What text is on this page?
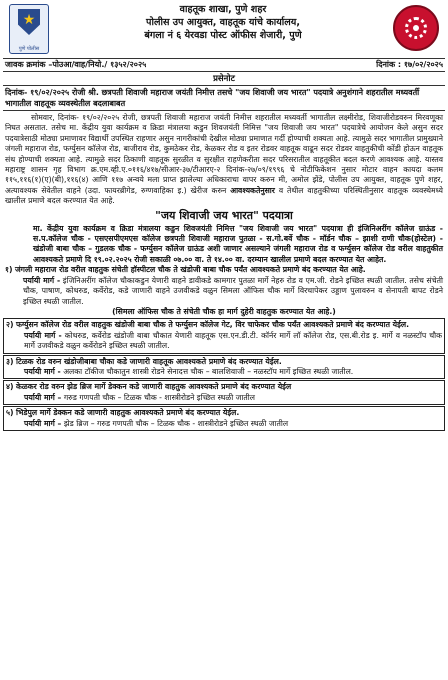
★
पुणे पोलीस
वाहतूक शाखा, पुणे शहर
पोलीस उप आयुक्त, वाहतूक यांचे कार्यालय,
बंगला नं ६ येरवडा पोस्ट ऑफीस शेजारी, पुणे
जावक क्रमांक –पोउआ/वाह/नियो./ १३५२/२०२५	दिनांक : १७/०२/२०२५
प्रसेनोट
दिनांक- १९/०२/२०२५ रोजी श्री. छत्रपती शिवाजी महाराज जयंती निमीत्त तसचे "जय शिवाजी जय भारत" पदयात्रे अनुशंगाने शहरातील मध्यवर्ती भागातील वाहतूक व्यवस्थेतील बदलाबाबत
सोमवार, दिनांक- १९/०२/२०२५ रोजी, छत्रपती शिवाजी महाराज जयंती निमीत्त शहरातील मध्यवर्ती भागातील लक्ष्मीरोड, शिवाजीरोडवरुन मिरवणूका निघत असतात. तसेच मा. केंद्रीय युवा कार्यक्रम व क्रिडा मंत्रालया कडुन शिवजयंती निमित्त "जय शिवाजी जय भारत" पदयात्रेचे आयोजन केले असुन सदर पदयात्रेसाठी मोठ्या प्रमाणावर विद्यार्थी उपस्थित राहणार असुन नागरीकांची देखील मोठ्या प्रमाणात गर्दी होण्याची शक्यता आहे. त्यामुळे सदर भागातील प्रामुख्याने जंगली महाराज रोड, फर्ग्युसन कॉलेज रोड, बाजीराव रोड, कुमठेकर रोड, केळकर रोड व इतर रोडवर वाहतूक वाढून सदर रोडवर वाहतुकीची कोंडी होऊन वाहतूक संथ होण्याची शक्यता आहे. त्यामुळे सदर ठिकाणी वाहतूक सुरळीत व सुरक्षीत राहणेकरीता सदर परिसरातील वाहतूकीत बदल करणे आवश्यक आहे. यास्तव महाराष्ट्र शासन गृह विभाग क्र.एम.व्ही.ए.०११६/४१७/सीआर-३७/टीआरए-२ दिनांक-२७/०९/१९९६ चे नोटीफिकेशन नुसार मोटार वाहन कायदा कलम ११५,११६(१)(ए)(बी),११६(४) आणि ११७ अन्वये मला प्राप्त झालेल्या अधिकाराचा वापर करुन मी, अमोल झेंडे, पोलीस उप आयुक्त, वाहतूक पुणे शहर, अत्यावश्यक सेवेतील वाहने (उदा. फायरब्रीगेड, रुग्णवाहिका इ.) खेरीज करुन आवश्यकतेनुसार व तेथील वाहतुकीच्या परिस्थितीनुसार वाहतूक व्यवस्थेमध्ये खालील प्रमाणे बदल करण्यात येत आहे.
"जय शिवाजी जय भारत" पदयात्रा
मा. केंद्रीय युवा कार्यक्रम व क्रिडा मंत्रालया कडुन शिवजयंती निमित्त "जय शिवाजी जय भारत" पदयात्रा ही इंजिनिअरींग कॉलेज ग्राऊंड - स.प.कॉलेज चौक - एसएसपीएमएस कॉलेज छत्रपती शिवाजी महाराज पुतळा - स.गो.बर्वे चौक - मॉर्डन चौक – झाशी राणी चौक(होस्टेल) - खंडोजी बाबा चौक – गुडलक चौक - फर्ग्युसन कॉलेज ग्राऊंड अशी जाणार असल्याने जंगली महाराज रोड व फर्ग्युसन कॉलेज रोड वरील वाहतुकीत आवश्यकते प्रमाणे दि १९.०२.२०२५ रोजी सकाळी ०७.०० वा. ते १४.०० वा. दरम्यान खालील प्रमाणे बदल करण्यात येत आहेत.
१) जंगली महाराज रोड वरील वाहतुक संचेती हॉस्पीटल चौक ते खंडोजी बाबा चौक पर्यंत आवश्यकते प्रमाणे बंद करण्यात येत आहे.
पर्यायी मार्ग - इंजिनिअरींग कॉलेज चौकाकडुन येणारी वाहने डावीकडे कामगार पुतळा मार्गे नेहरु रोड व एम.जी. रोडने इच्छित स्थळी जातील. तसेच संचेती चौक, पाषाण, कोथरुड, कर्वेरोड, कडे जाणारी वाहने उजवीकडे वळुन सिमला ऑफिस चौक मार्गे विरचापेकर उड्डाण पुलावरुन व सेनापती बापट रोडने इच्छित स्थळी जातील.
(सिमला ऑफिस चौक ते संचेती चौक हा मार्ग दुहेरी वाहतुक करण्यात येत आहे.)
२) फर्ग्युसन कॉलेज रोड वरील वाहतुक खंडोजी बाबा चौक ते फर्ग्युसन कॉलेज गेट, विर चाफेकर चौक पर्यंत आवश्यकते प्रमाणे बंद करण्यात येईल.
पर्यायी मार्ग - कोथरुड, कर्वेरोड खंडोजी बाबा चौकात येणारी वाहतूक एस.एन.डी.टी. कॉर्नर मार्गे लॉ कॉलेज रोड, एस.बी.रोड इ. मार्गे व नळस्टॉप चौक मार्गे उजवीकडे वळुन कर्वेरोडने इच्छित स्थळी जातील.
३) टिळक रोड वरुन खंडोजीबाबा चौका कडे जाणारी वाहतूक आवश्यकते प्रमाणे बंद करण्यात येईल.
पर्यायी मार्ग - अलका टॉकीज चौकातुन शास्त्री रोडने सेनादत्त चौक – बालशिवाजी – नळस्टॉप मार्गे इच्छित स्थळी जातील.
४) केळकर रोड वरुन झेड ब्रिज मार्गे डेक्कन कडे जाणारी वाहतुक आवश्यकते प्रमाणे बंद करण्यात येईल
पर्यायी मार्ग – गरुड गणपती चौक – टिळक चौक - शास्त्रीरोडने इच्छित स्थळी जातील
५) भिडेपुल मार्गे डेक्कन कडे जाणारी वाहतुक आवश्यकते प्रमाणे बंद करण्यात येईल.
पर्यायी मार्ग – झेड ब्रिज – गरुड गणपती चौक – टिळक चौक - शास्त्रीरोडने इच्छित स्थळी जातील
